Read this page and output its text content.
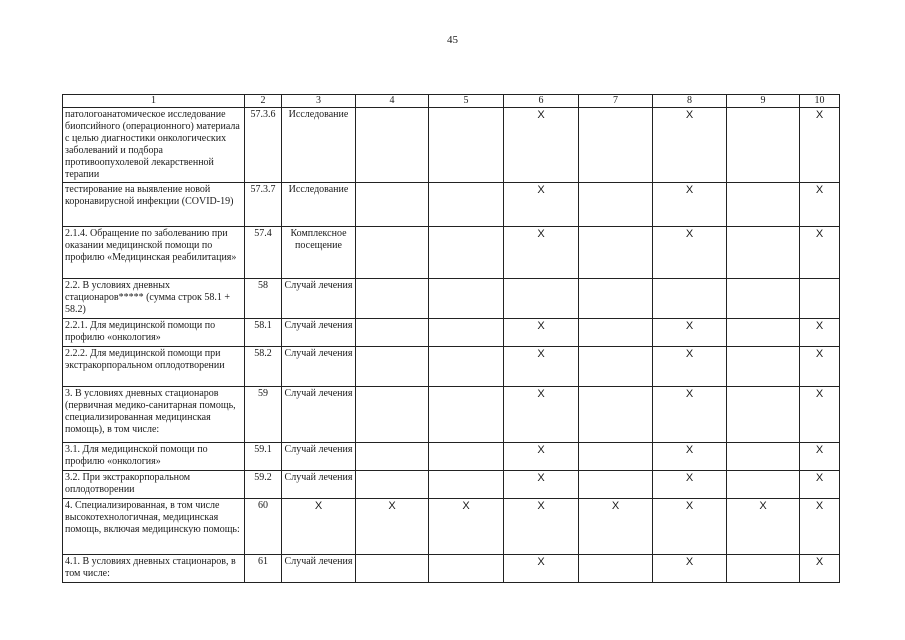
45
1	2	3	4	5	6	7	8	9	10
патологоанатомическое исследование биопсийного (операционного) материала с целью диагностики онкологических заболеваний и подбора противоопухолевой лекарственной терапии	57.3.6	Исследование			X		X		X
тестирование на выявление новой коронавирусной инфекции (COVID-19)	57.3.7	Исследование			X		X		X
2.1.4. Обращение по заболеванию при оказании медицинской помощи по профилю «Медицинская реабилитация»	57.4	Комплексное посещение			X		X		X
2.2. В условиях дневных стационаров***** (сумма строк 58.1 + 58.2)	58	Случай лечения							
2.2.1. Для медицинской помощи по профилю «онкология»	58.1	Случай лечения			X		X		X
2.2.2. Для медицинской помощи при экстракорпоральном оплодотворении	58.2	Случай лечения			X		X		X
3. В условиях дневных стационаров (первичная медико-санитарная помощь, специализированная медицинская помощь), в том числе:	59	Случай лечения			X		X		X
3.1. Для медицинской помощи по профилю «онкология»	59.1	Случай лечения			X		X		X
3.2. При экстракорпоральном оплодотворении	59.2	Случай лечения			X		X		X
4. Специализированная, в том числе высокотехнологичная, медицинская помощь, включая медицинскую помощь:	60	X	X	X	X	X	X	X	X
4.1. В условиях дневных стационаров, в том числе:	61	Случай лечения			X		X		X
